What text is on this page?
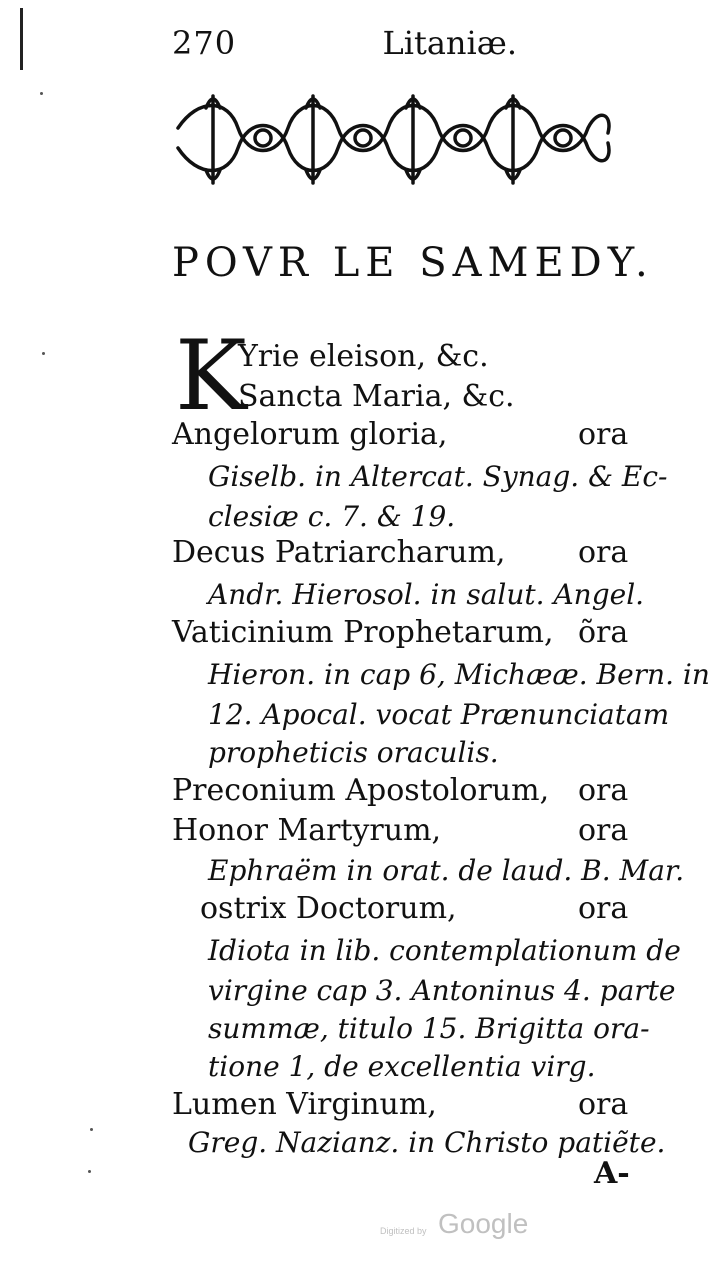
270	Litaniæ.
POVR LE SAMEDY.
K
Yrie eleison, &c.
Sancta Maria, &c.
Angelorum gloria,	ora
Giselb. in Altercat. Synag. & Ec-
clesiæ c. 7. & 19.
Decus Patriarcharum, ora
Andr. Hierosol. in salut. Angel.
Vaticinium Prophetarum, õra
Hieron. in cap 6, Michææ. Bern. in
12. Apocal. vocat Prænunciatam
propheticis oraculis.
Preconium Apostolorum, ora
Honor Martyrum,	ora
Ephraëm in orat. de laud. B. Mar.
ostrix Doctorum,	ora
Idiota in lib. contemplationum de
virgine cap 3. Antoninus 4. parte
summæ, titulo 15. Brigitta ora-
tione 1, de excellentia virg.
Lumen Virginum,	ora
Greg. Nazianz. in Christo patiẽte.
A-
Digitized by Google
